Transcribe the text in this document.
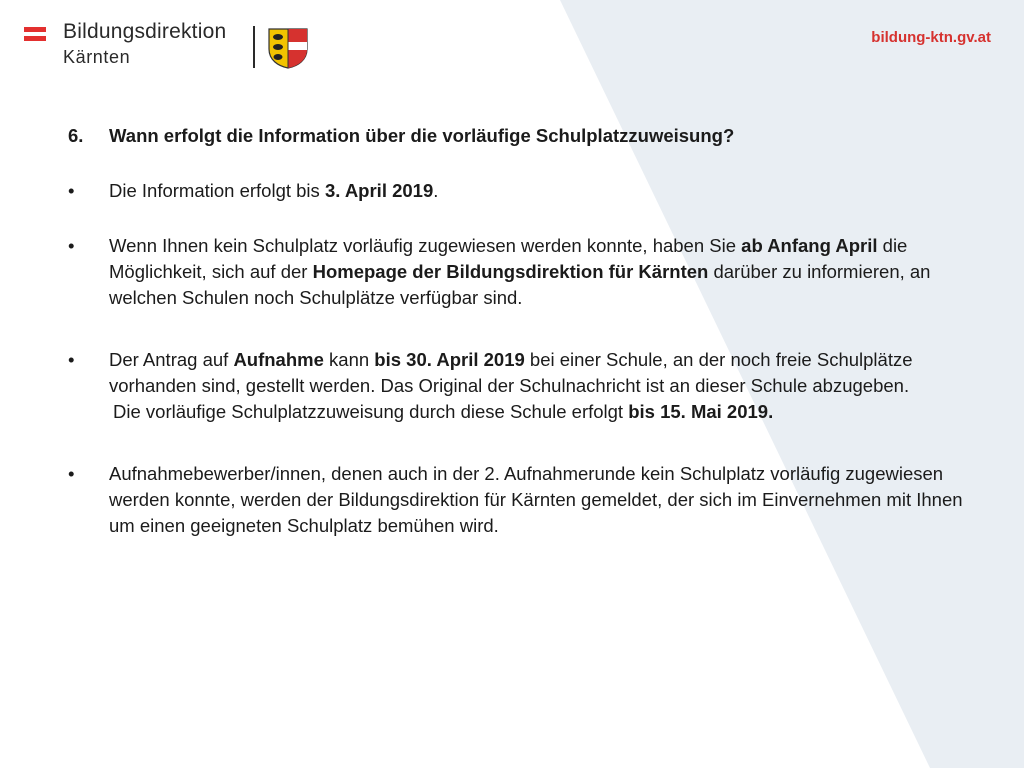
Bildungsdirektion
Kärnten
bildung-ktn.gv.at
6.	Wann erfolgt die Information über die vorläufige Schulplatzzuweisung?
•	Die Information erfolgt bis 3. April 2019.
•	Wenn Ihnen kein Schulplatz vorläufig zugewiesen werden konnte, haben Sie ab Anfang April die Möglichkeit, sich auf der Homepage der Bildungsdirektion für Kärnten darüber zu informieren, an welchen Schulen noch Schulplätze verfügbar sind.
•	Der Antrag auf Aufnahme kann bis 30. April 2019 bei einer Schule, an der noch freie Schulplätze vorhanden sind, gestellt werden. Das Original der Schulnachricht ist an dieser Schule abzugeben.
Die vorläufige Schulplatzzuweisung durch diese Schule erfolgt bis 15. Mai 2019.
•	Aufnahmebewerber/innen, denen auch in der 2. Aufnahmerunde kein Schulplatz vorläufig zugewiesen werden konnte, werden der Bildungsdirektion für Kärnten gemeldet, der sich im Einvernehmen mit Ihnen um einen geeigneten Schulplatz bemühen wird.
